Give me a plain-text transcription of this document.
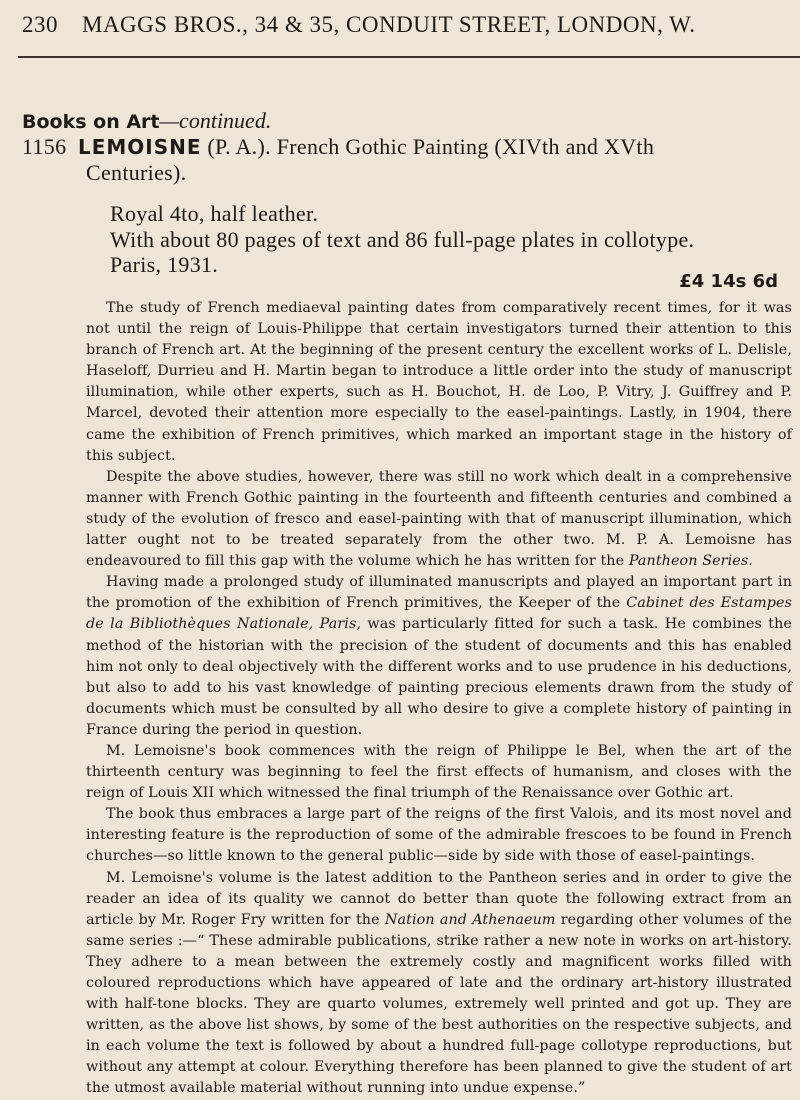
230 MAGGS BROS., 34 & 35, CONDUIT STREET, LONDON, W.
Books on Art—continued.
1156 LEMOISNE (P. A.). French Gothic Painting (XIVth and XVth
Centuries).
Royal 4to, half leather.
With about 80 pages of text and 86 full-page plates in collotype.
Paris, 1931.
£4 14s 6d

The study of French mediaeval painting dates from comparatively recent times, for it was not until the reign of Louis-Philippe that certain investigators turned their attention to this branch of French art. At the beginning of the present century the excellent works of L. Delisle, Haseloff, Durrieu and H. Martin began to introduce a little order into the study of manuscript illumination, while other experts, such as H. Bouchot, H. de Loo, P. Vitry, J. Guiffrey and P. Marcel, devoted their attention more especially to the easel-paintings. Lastly, in 1904, there came the exhibition of French primitives, which marked an important stage in the history of this subject.

Despite the above studies, however, there was still no work which dealt in a comprehensive manner with French Gothic painting in the fourteenth and fifteenth centuries and combined a study of the evolution of fresco and easel-painting with that of manuscript illumination, which latter ought not to be treated separately from the other two. M. P. A. Lemoisne has endeavoured to fill this gap with the volume which he has written for the Pantheon Series.

Having made a prolonged study of illuminated manuscripts and played an important part in the promotion of the exhibition of French primitives, the Keeper of the Cabinet des Estampes de la Bibliothèques Nationale, Paris, was particularly fitted for such a task. He combines the method of the historian with the precision of the student of documents and this has enabled him not only to deal objectively with the different works and to use prudence in his deductions, but also to add to his vast knowledge of painting precious elements drawn from the study of documents which must be consulted by all who desire to give a complete history of painting in France during the period in question.

M. Lemoisne's book commences with the reign of Philippe le Bel, when the art of the thirteenth century was beginning to feel the first effects of humanism, and closes with the reign of Louis XII which witnessed the final triumph of the Renaissance over Gothic art.

The book thus embraces a large part of the reigns of the first Valois, and its most novel and interesting feature is the reproduction of some of the admirable frescoes to be found in French churches—so little known to the general public—side by side with those of easel-paintings.

M. Lemoisne's volume is the latest addition to the Pantheon series and in order to give the reader an idea of its quality we cannot do better than quote the following extract from an article by Mr. Roger Fry written for the Nation and Athenaeum regarding other volumes of the same series :—“ These admirable publications, strike rather a new note in works on art-history. They adhere to a mean between the extremely costly and magnificent works filled with coloured reproductions which have appeared of late and the ordinary art-history illustrated with half-tone blocks. They are quarto volumes, extremely well printed and got up. They are written, as the above list shows, by some of the best authorities on the respective subjects, and in each volume the text is followed by about a hundred full-page collotype reproductions, but without any attempt at colour. Everything therefore has been planned to give the student of art the utmost available material without running into undue expense.”
